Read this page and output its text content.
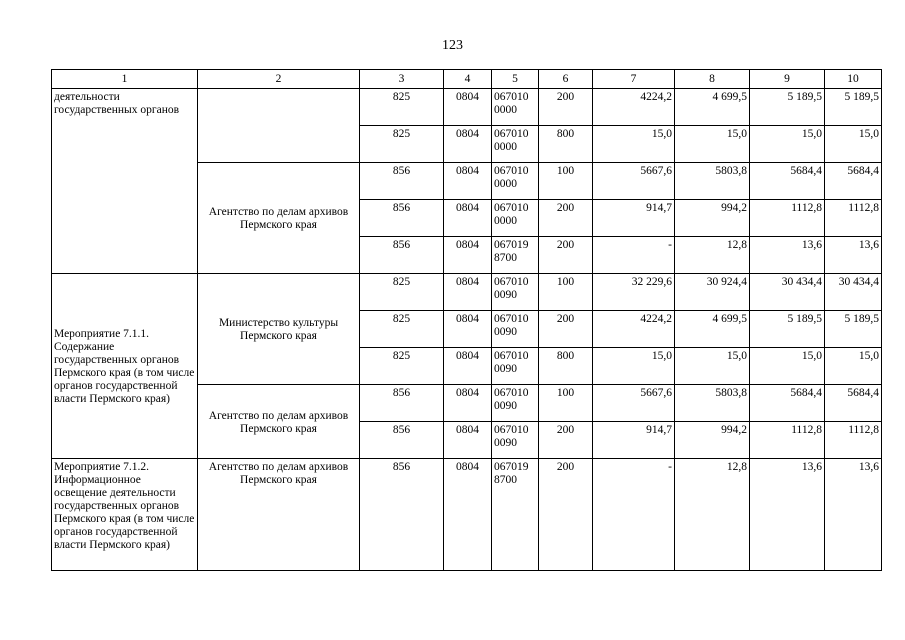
123
1	2	3	4	5	6	7	8	9	10
деятельности государственных органов		825	0804	067010 0000	200	4224,2	4 699,5	5 189,5	5 189,5
		825	0804	067010 0000	800	15,0	15,0	15,0	15,0
	Агентство по делам архивов Пермского края	856	0804	067010 0000	100	5667,6	5803,8	5684,4	5684,4
		856	0804	067010 0000	200	914,7	994,2	1112,8	1112,8
		856	0804	067019 8700	200	-	12,8	13,6	13,6
Мероприятие 7.1.1. Содержание государственных органов Пермского края (в том числе органов государственной власти Пермского края)	Министерство культуры Пермского края	825	0804	067010 0090	100	32 229,6	30 924,4	30 434,4	30 434,4
		825	0804	067010 0090	200	4224,2	4 699,5	5 189,5	5 189,5
		825	0804	067010 0090	800	15,0	15,0	15,0	15,0
	Агентство по делам архивов Пермского края	856	0804	067010 0090	100	5667,6	5803,8	5684,4	5684,4
		856	0804	067010 0090	200	914,7	994,2	1112,8	1112,8
Мероприятие 7.1.2. Информационное освещение деятельности государственных органов Пермского края (в том числе органов государственной власти Пермского края)	Агентство по делам архивов Пермского края	856	0804	067019 8700	200	-	12,8	13,6	13,6
